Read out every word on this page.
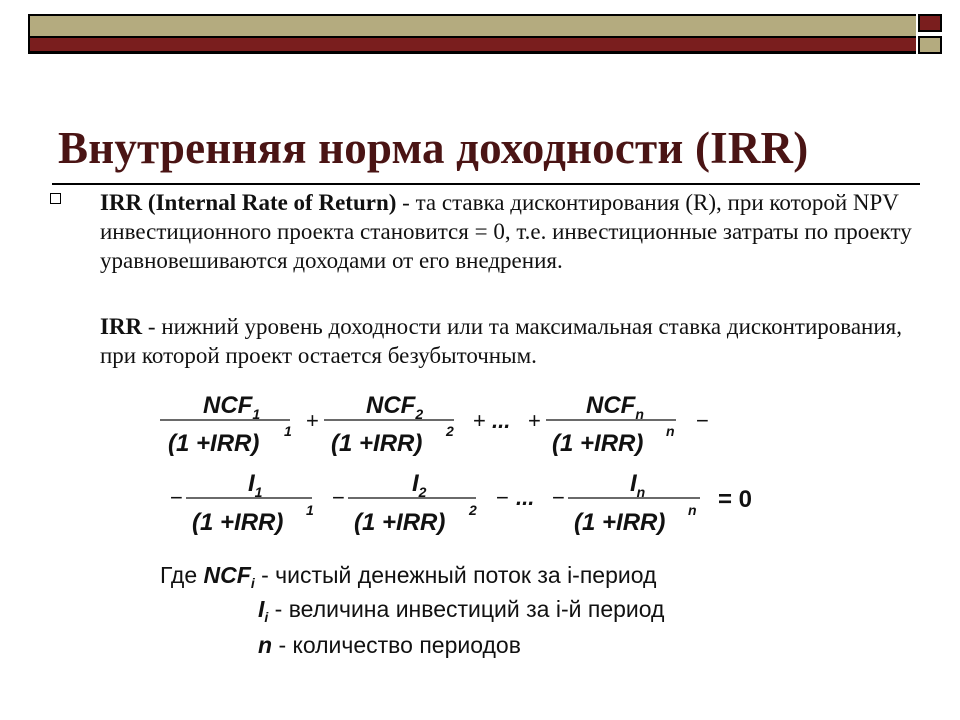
Внутренняя норма доходности (IRR)
IRR (Internal Rate of Return) - та ставка дисконтирования (R), при которой NPV инвестиционного проекта становится = 0, т.е. инвестиционные затраты по проекту уравновешиваются доходами от его внедрения.
IRR - нижний уровень доходности или та максимальная ставка дисконтирования, при которой проект остается безубыточным.
$NCF_1$
(1 +IRR) 1 +
$NCF_2$
(1 +IRR) 2 + ... +
$NCF_n$
(1 +IRR) n −
−
$I_1$
(1 +IRR) 1 −
$I_2$
(1 +IRR) 2 − ... −
$I_n$
(1 +IRR) n = 0
Где $NCF_i$ - чистый денежный поток за i-период
$I_i$ - величина инвестиций за i-й период
n - количество периодов
